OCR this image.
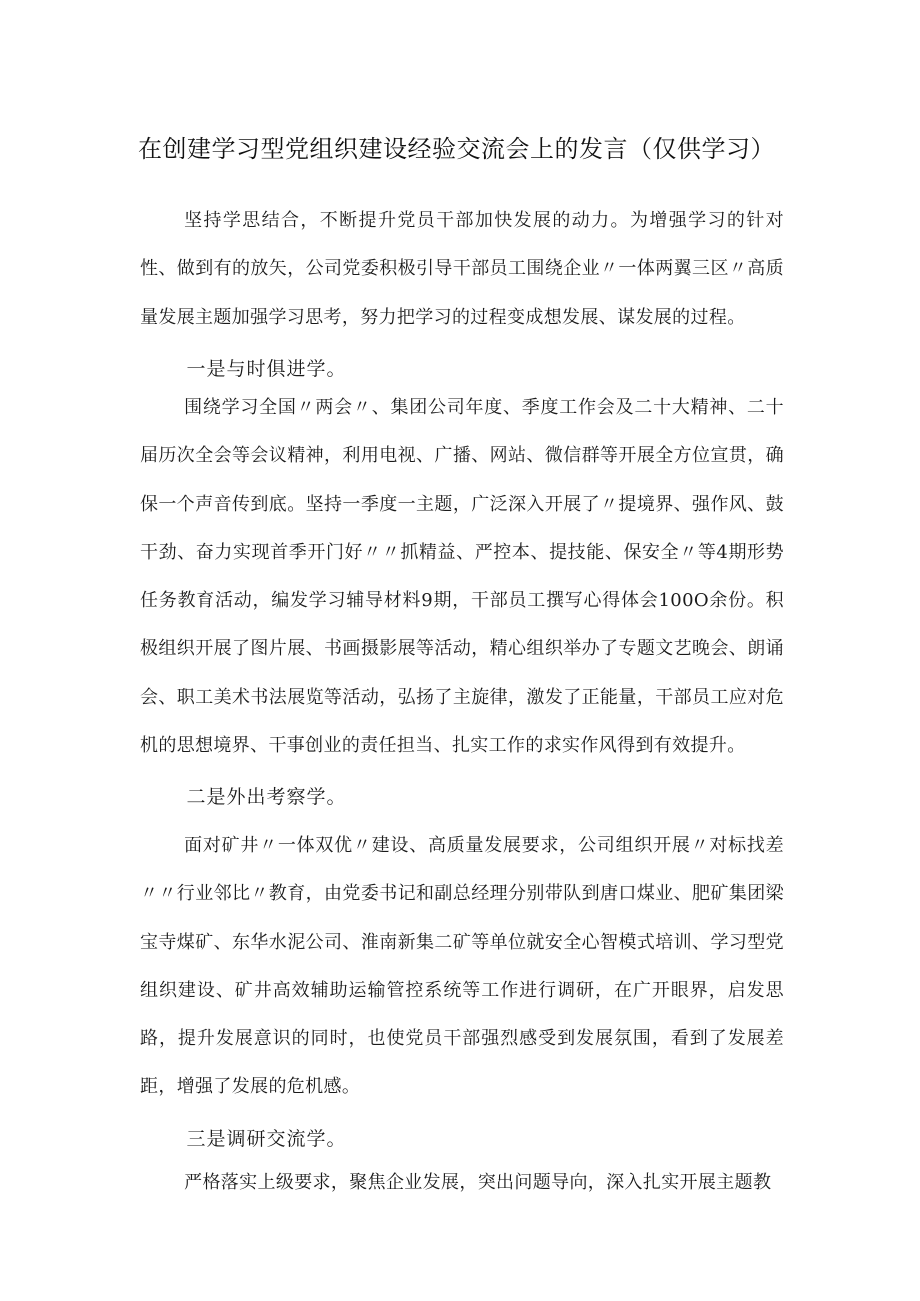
在创建学习型党组织建设经验交流会上的发言（仅供学习）

坚持学思结合，不断提升党员干部加快发展的动力。为增强学习的针对性、做到有的放矢，公司党委积极引导干部员工围绕企业〃一体两翼三区〃高质量发展主题加强学习思考，努力把学习的过程变成想发展、谋发展的过程。

一是与时俱进学。

围绕学习全国〃两会〃、集团公司年度、季度工作会及二十大精神、二十届历次全会等会议精神，利用电视、广播、网站、微信群等开展全方位宣贯，确保一个声音传到底。坚持一季度一主题，广泛深入开展了〃提境界、强作风、鼓干劲、奋力实现首季开门好〃〃抓精益、严控本、提技能、保安全〃等4期形势任务教育活动，编发学习辅导材料9期，干部员工撰写心得体会100O余份。积极组织开展了图片展、书画摄影展等活动，精心组织举办了专题文艺晚会、朗诵会、职工美术书法展览等活动，弘扬了主旋律，激发了正能量，干部员工应对危机的思想境界、干事创业的责任担当、扎实工作的求实作风得到有效提升。

二是外出考察学。

面对矿井〃一体双优〃建设、高质量发展要求，公司组织开展〃对标找差〃〃行业邻比〃教育，由党委书记和副总经理分别带队到唐口煤业、肥矿集团梁宝寺煤矿、东华水泥公司、淮南新集二矿等单位就安全心智模式培训、学习型党组织建设、矿井高效辅助运输管控系统等工作进行调研，在广开眼界，启发思路，提升发展意识的同时，也使党员干部强烈感受到发展氛围，看到了发展差距，增强了发展的危机感。

三是调研交流学。

严格落实上级要求，聚焦企业发展，突出问题导向，深入扎实开展主题教
